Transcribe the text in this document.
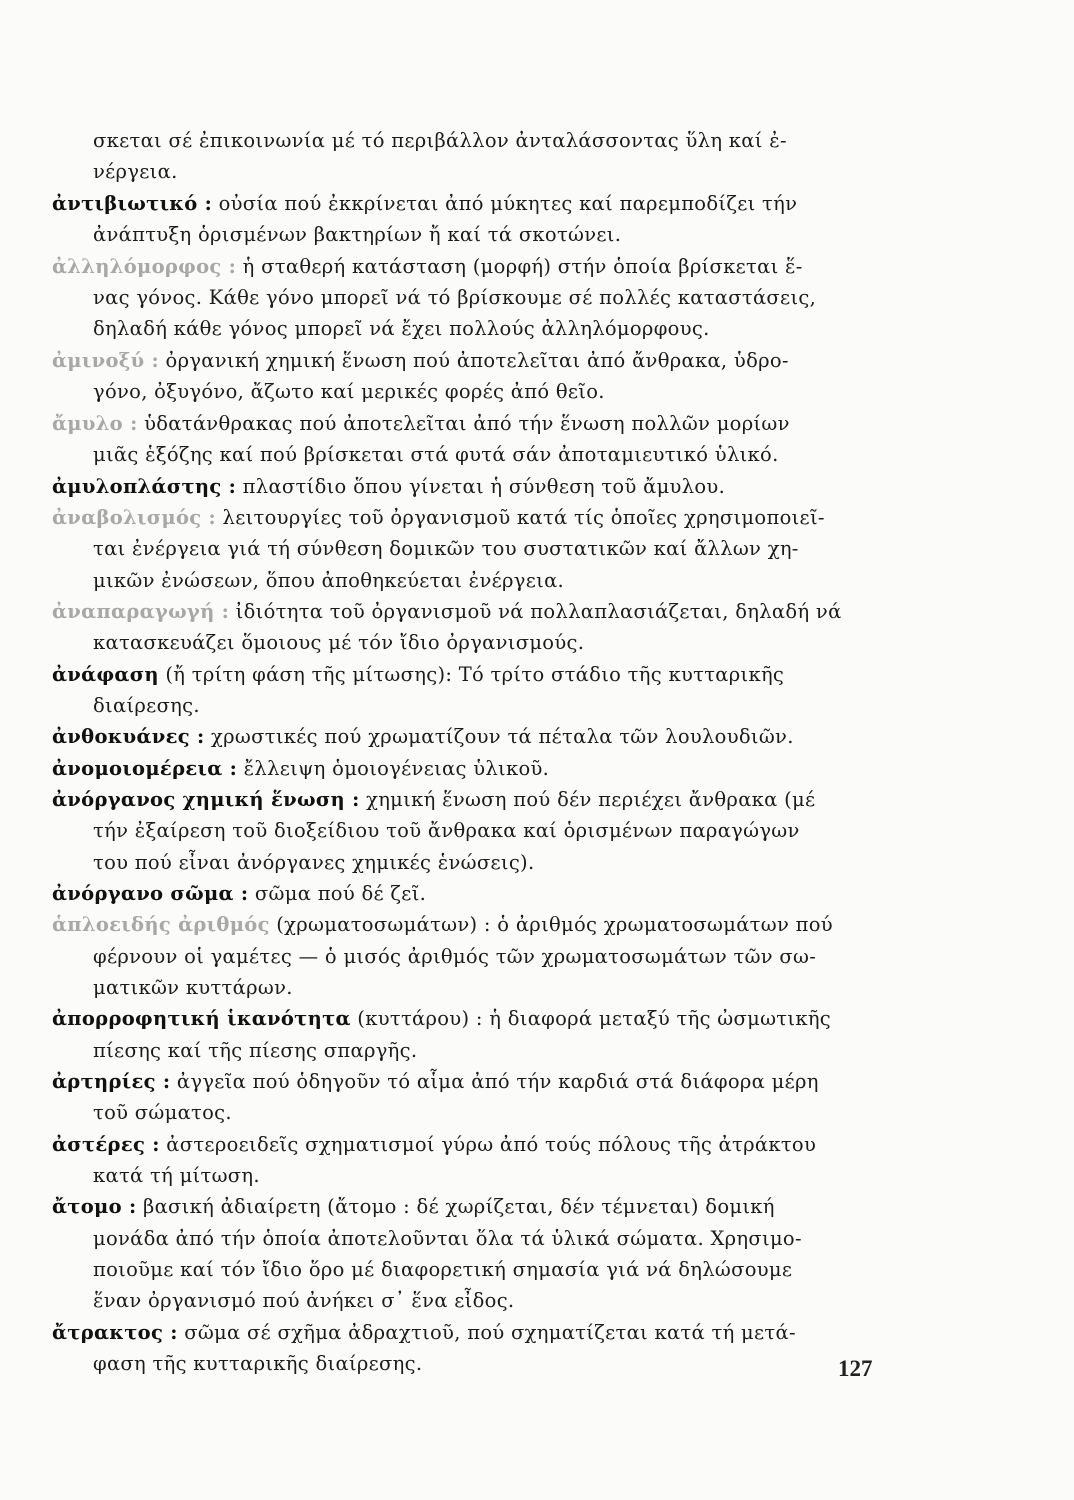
σκεται σέ ἐπικοινωνία μέ τό περιβάλλον ἀνταλάσσοντας ὕλη καί ἐ-
νέργεια.
ἀντιβιωτικό : οὐσία πού ἐκκρίνεται ἀπό μύκητες καί παρεμποδίζει τήν
ἀνάπτυξη ὁρισμένων βακτηρίων ἤ καί τά σκοτώνει.
ἀλληλόμορφος : ἡ σταθερή κατάσταση (μορφή) στήν ὁποία βρίσκεται ἕ-
νας γόνος. Κάθε γόνο μπορεῖ νά τό βρίσκουμε σέ πολλές καταστάσεις,
δηλαδή κάθε γόνος μπορεῖ νά ἔχει πολλούς ἀλληλόμορφους.
ἀμινοξύ : ὀργανική χημική ἕνωση πού ἀποτελεῖται ἀπό ἄνθρακα, ὑδρο-
γόνο, ὀξυγόνο, ἄζωτο καί μερικές φορές ἀπό θεῖο.
ἄμυλο : ὑδατάνθρακας πού ἀποτελεῖται ἀπό τήν ἕνωση πολλῶν μορίων
μιᾶς ἑξόζης καί πού βρίσκεται στά φυτά σάν ἀποταμιευτικό ὑλικό.
ἀμυλοπλάστης : πλαστίδιο ὅπου γίνεται ἡ σύνθεση τοῦ ἄμυλου.
ἀναβολισμός : λειτουργίες τοῦ ὀργανισμοῦ κατά τίς ὁποῖες χρησιμοποιεῖ-
ται ἐνέργεια γιά τή σύνθεση δομικῶν του συστατικῶν καί ἄλλων χη-
μικῶν ἐνώσεων, ὅπου ἀποθηκεύεται ἐνέργεια.
ἀναπαραγωγή : ἰδιότητα τοῦ ὀργανισμοῦ νά πολλαπλασιάζεται, δηλαδή νά
κατασκευάζει ὅμοιους μέ τόν ἴδιο ὀργανισμούς.
ἀνάφαση (ἤ τρίτη φάση τῆς μίτωσης): Τό τρίτο στάδιο τῆς κυτταρικῆς
διαίρεσης.
ἀνθοκυάνες : χρωστικές πού χρωματίζουν τά πέταλα τῶν λουλουδιῶν.
ἀνομοιομέρεια : ἔλλειψη ὁμοιογένειας ὑλικοῦ.
ἀνόργανος χημική ἕνωση : χημική ἕνωση πού δέν περιέχει ἄνθρακα (μέ
τήν ἐξαίρεση τοῦ διοξείδιου τοῦ ἄνθρακα καί ὁρισμένων παραγώγων
του πού εἶναι ἀνόργανες χημικές ἑνώσεις).
ἀνόργανο σῶμα : σῶμα πού δέ ζεῖ.
ἁπλοειδής ἀριθμός (χρωματοσωμάτων) : ὁ ἀριθμός χρωματοσωμάτων πού
φέρνουν οἱ γαμέτες — ὁ μισός ἀριθμός τῶν χρωματοσωμάτων τῶν σω-
ματικῶν κυττάρων.
ἀπορροφητική ἱκανότητα (κυττάρου) : ἡ διαφορά μεταξύ τῆς ὠσμωτικῆς
πίεσης καί τῆς πίεσης σπαργῆς.
ἀρτηρίες : ἀγγεῖα πού ὁδηγοῦν τό αἷμα ἀπό τήν καρδιά στά διάφορα μέρη
τοῦ σώματος.
ἀστέρες : ἀστεροειδεῖς σχηματισμοί γύρω ἀπό τούς πόλους τῆς ἀτράκτου
κατά τή μίτωση.
ἄτομο : βασική ἀδιαίρετη (ἄτομο : δέ χωρίζεται, δέν τέμνεται) δομική
μονάδα ἀπό τήν ὁποία ἀποτελοῦνται ὅλα τά ὑλικά σώματα. Χρησιμο-
ποιοῦμε καί τόν ἴδιο ὅρο μέ διαφορετική σημασία γιά νά δηλώσουμε
ἕναν ὀργανισμό πού ἀνήκει σ᾿ ἕνα εἶδος.
ἄτρακτος : σῶμα σέ σχῆμα ἀδραχτιοῦ, πού σχηματίζεται κατά τή μετά-
φαση τῆς κυτταρικῆς διαίρεσης.	127
